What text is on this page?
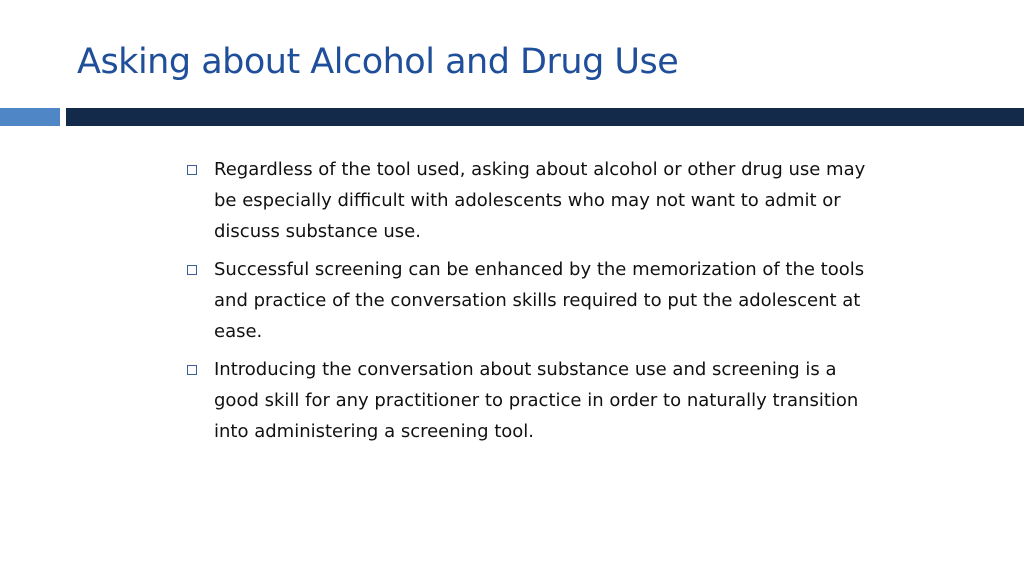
Asking about Alcohol and Drug Use
Regardless of the tool used, asking about alcohol or other drug use may be especially difficult with adolescents who may not want to admit or discuss substance use.
Successful screening can be enhanced by the memorization of the tools and practice of the conversation skills required to put the adolescent at ease.
Introducing the conversation about substance use and screening is a good skill for any practitioner to practice in order to naturally transition into administering a screening tool.
